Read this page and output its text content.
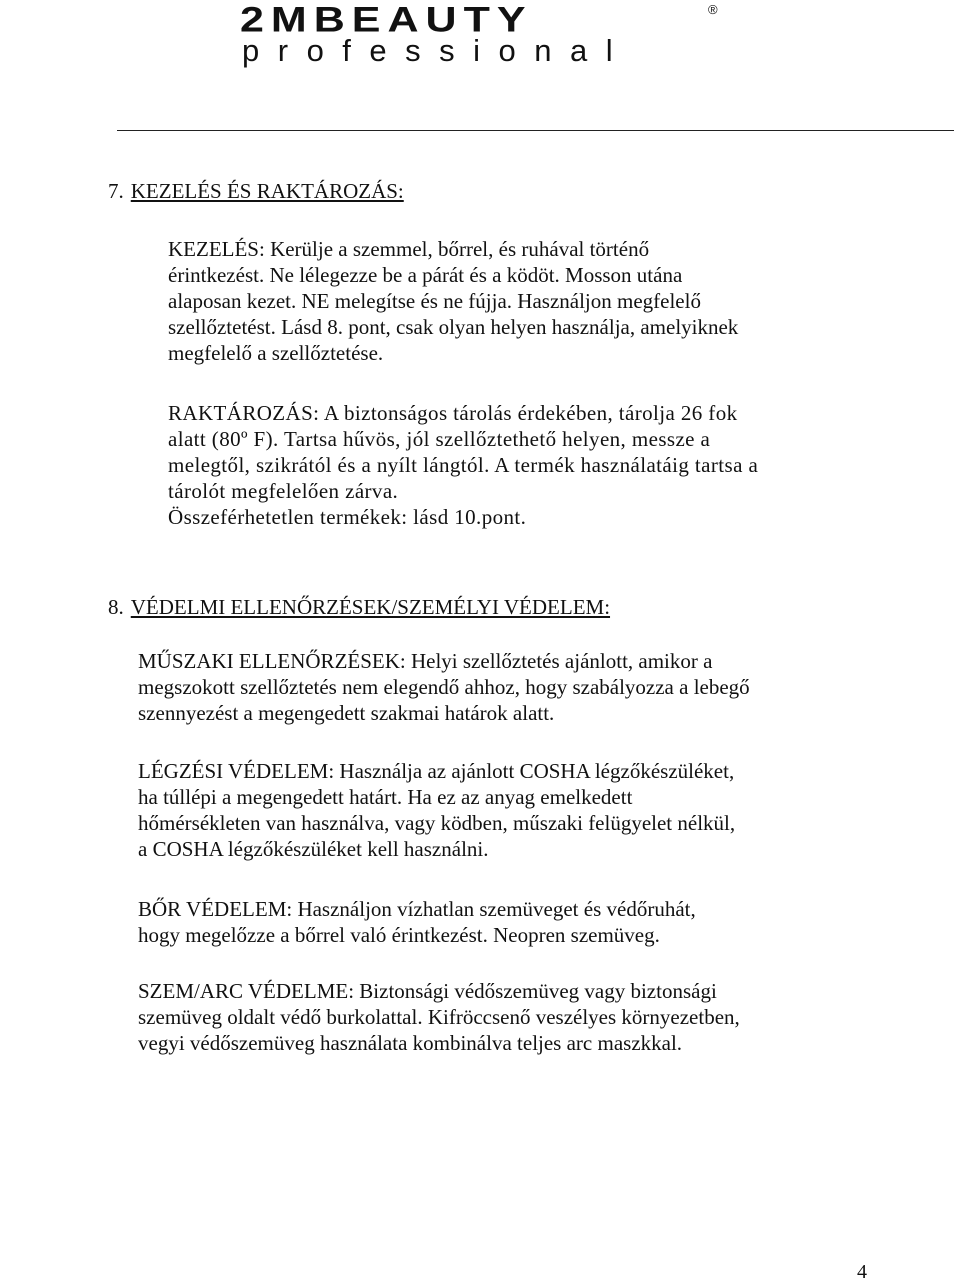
2MBEAUTY	®
professional
7. KEZELÉS ÉS RAKTÁROZÁS:

KEZELÉS: Kerülje a szemmel, bőrrel, és ruhával történő
érintkezést. Ne lélegezze be a párát és a ködöt. Mosson utána
alaposan kezet. NE melegítse és ne fújja. Használjon megfelelő
szellőztetést. Lásd 8. pont, csak olyan helyen használja, amelyiknek
megfelelő a szellőztetése.

RAKTÁROZÁS: A biztonságos tárolás érdekében, tárolja 26 fok
alatt (80º F). Tartsa hűvös, jól szellőztethető helyen, messze a
melegtől, szikrától és a nyílt lángtól. A termék használatáig tartsa a
tárolót megfelelően zárva.
Összeférhetetlen termékek: lásd 10.pont.

8. VÉDELMI ELLENŐRZÉSEK/SZEMÉLYI VÉDELEM:

MŰSZAKI ELLENŐRZÉSEK: Helyi szellőztetés ajánlott, amikor a
megszokott szellőztetés nem elegendő ahhoz, hogy szabályozza a lebegő
szennyezést a megengedett szakmai határok alatt.

LÉGZÉSI VÉDELEM: Használja az ajánlott COSHA légzőkészüléket,
ha túllépi a megengedett határt. Ha ez az anyag emelkedett
hőmérsékleten van használva, vagy ködben, műszaki felügyelet nélkül,
a COSHA légzőkészüléket kell használni.

BŐR VÉDELEM: Használjon vízhatlan szemüveget és védőruhát,
hogy megelőzze a bőrrel való érintkezést. Neopren szemüveg.

SZEM/ARC VÉDELME: Biztonsági védőszemüveg vagy biztonsági
szemüveg oldalt védő burkolattal. Kifröccsenő veszélyes környezetben,
vegyi védőszemüveg használata kombinálva teljes arc maszkkal.

4
